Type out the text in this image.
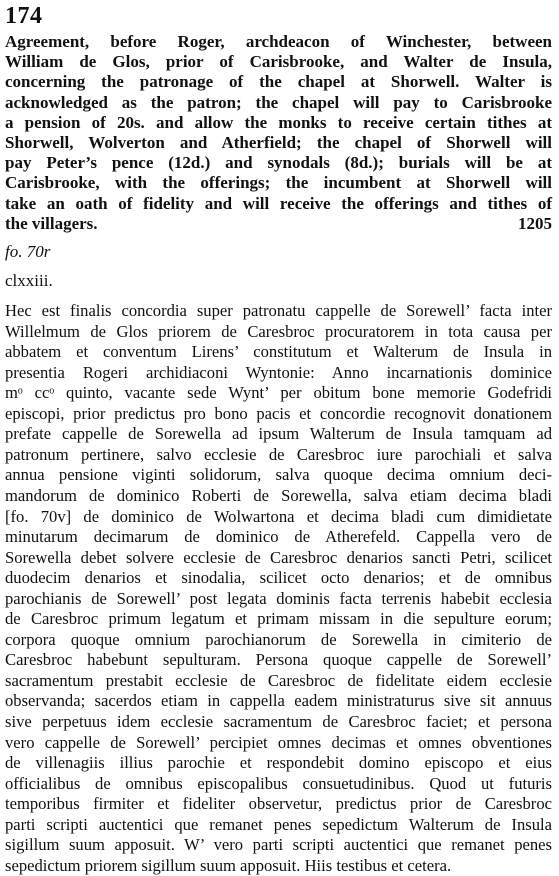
174
Agreement, before Roger, archdeacon of Winchester, between
William de Glos, prior of Carisbrooke, and Walter de Insula,
concerning the patronage of the chapel at Shorwell. Walter is
acknowledged as the patron; the chapel will pay to Carisbrooke
a pension of 20s. and allow the monks to receive certain tithes at
Shorwell, Wolverton and Atherfield; the chapel of Shorwell will
pay Peter’s pence (12d.) and synodals (8d.); burials will be at
Carisbrooke, with the offerings; the incumbent at Shorwell will
take an oath of fidelity and will receive the offerings and tithes of
the villagers.	1205
fo. 70r
clxxiii.
Hec est finalis concordia super patronatu cappelle de Sorewell’ facta inter
Willelmum de Glos priorem de Caresbroc procuratorem in tota causa per
abbatem et conventum Lirens’ constitutum et Walterum de Insula in
presentia Rogeri archidiaconi Wyntonie: Anno incarnationis dominice
mᵒ ccᵒ quinto, vacante sede Wynt’ per obitum bone memorie Godefridi
episcopi, prior predictus pro bono pacis et concordie recognovit donationem
prefate cappelle de Sorewella ad ipsum Walterum de Insula tamquam ad
patronum pertinere, salvo ecclesie de Caresbroc iure parochiali et salva
annua pensione viginti solidorum, salva quoque decima omnium deci-
mandorum de dominico Roberti de Sorewella, salva etiam decima bladi
[fo. 70v] de dominico de Wolwartona et decima bladi cum dimidietate
minutarum decimarum de dominico de Atherefeld. Cappella vero de
Sorewella debet solvere ecclesie de Caresbroc denarios sancti Petri, scilicet
duodecim denarios et sinodalia, scilicet octo denarios; et de omnibus
parochianis de Sorewell’ post legata dominis facta terrenis habebit ecclesia
de Caresbroc primum legatum et primam missam in die sepulture eorum;
corpora quoque omnium parochianorum de Sorewella in cimiterio de
Caresbroc habebunt sepulturam. Persona quoque cappelle de Sorewell’
sacramentum prestabit ecclesie de Caresbroc de fidelitate eidem ecclesie
observanda; sacerdos etiam in cappella eadem ministraturus sive sit annuus
sive perpetuus idem ecclesie sacramentum de Caresbroc faciet; et persona
vero cappelle de Sorewell’ percipiet omnes decimas et omnes obventiones
de villenagiis illius parochie et respondebit domino episcopo et eius
officialibus de omnibus episcopalibus consuetudinibus. Quod ut futuris
temporibus firmiter et fideliter observetur, predictus prior de Caresbroc
parti scripti auctentici que remanet penes sepedictum Walterum de Insula
sigillum suum apposuit. W’ vero parti scripti auctentici que remanet penes
sepedictum priorem sigillum suum apposuit. Hiis testibus et cetera.
